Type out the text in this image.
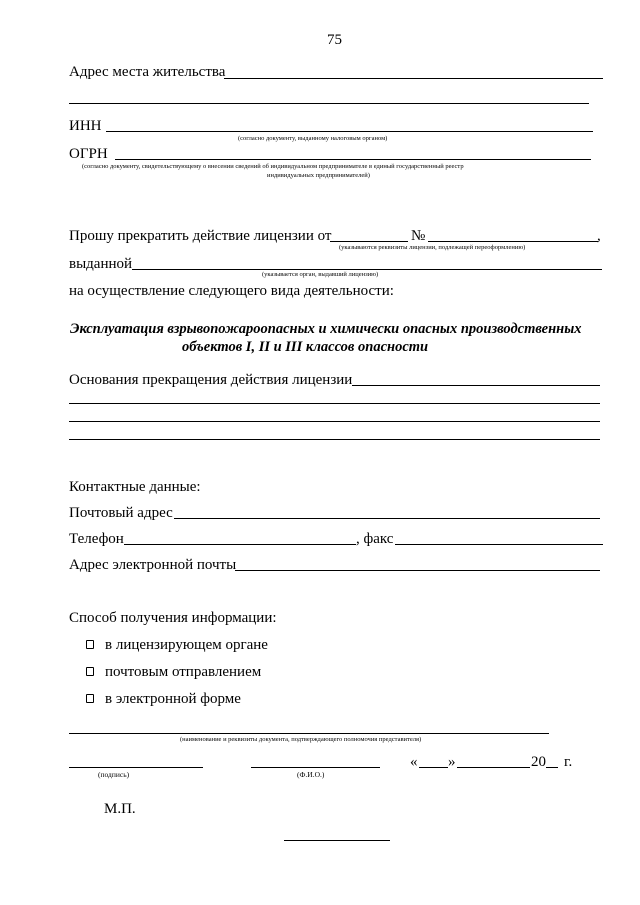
75
Адрес места жительства
ИНН
(согласно документу, выданному налоговым органом)
ОГРН
(согласно документу, свидетельствующему о внесении сведений об индивидуальном предпринимателе в единый государственный реестр
индивидуальных предпринимателей)
Прошу прекратить действие лицензии от	№	,
(указываются реквизиты лицензии, подлежащей переоформлению)
выданной
(указывается орган, выдавший лицензию)
на осуществление следующего вида деятельности:
Эксплуатация взрывопожароопасных и химически опасных производственных
объектов I, II и III классов опасности
Основания прекращения действия лицензии
Контактные данные:
Почтовый адрес
Телефон	, факс
Адрес электронной почты
Способ получения информации:
в лицензирующем органе
почтовым отправлением
в электронной форме
(наименование и реквизиты документа, подтверждающего полномочия представителя)
(подпись)	(Ф.И.О.)
« »	20 г.
М.П.
